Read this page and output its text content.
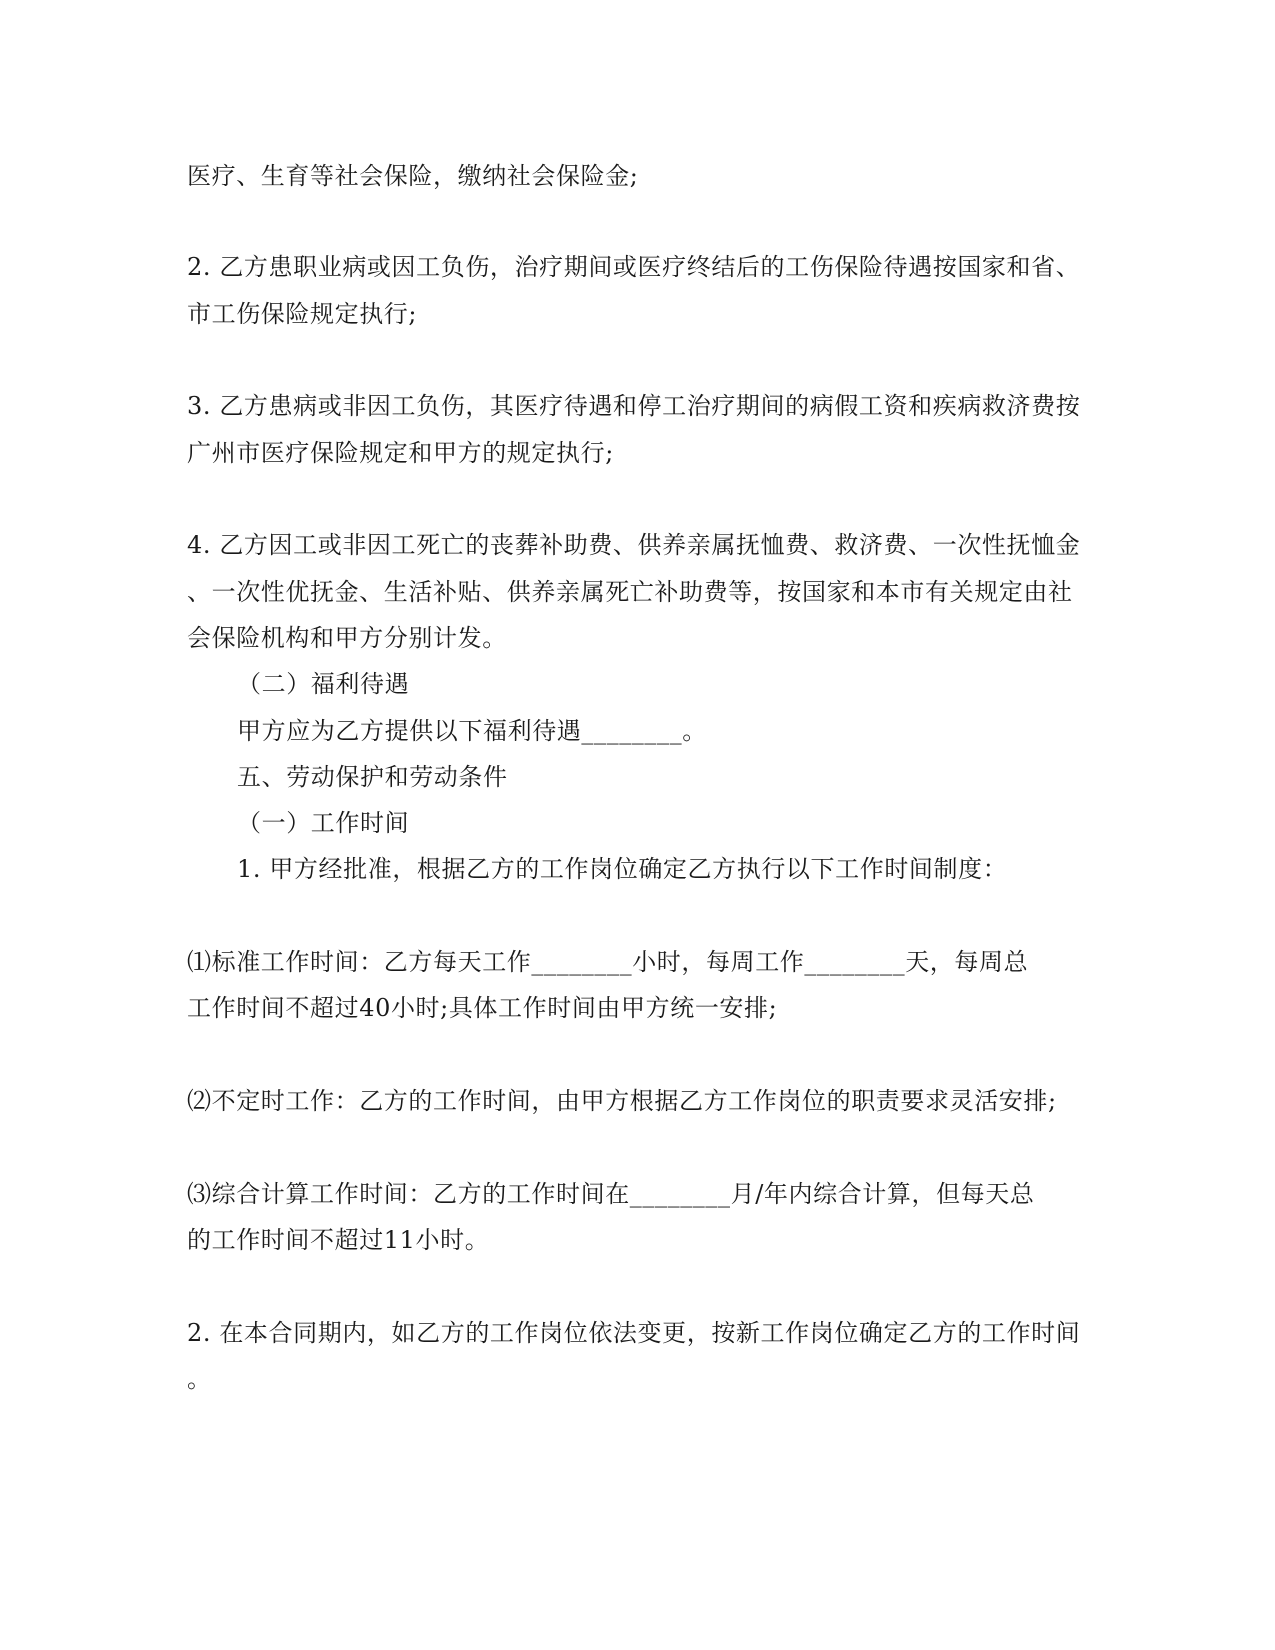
医疗、生育等社会保险，缴纳社会保险金;
2. 乙方患职业病或因工负伤，治疗期间或医疗终结后的工伤保险待遇按国家和省、
市工伤保险规定执行;
3. 乙方患病或非因工负伤，其医疗待遇和停工治疗期间的病假工资和疾病救济费按
广州市医疗保险规定和甲方的规定执行;
4. 乙方因工或非因工死亡的丧葬补助费、供养亲属抚恤费、救济费、一次性抚恤金
、一次性优抚金、生活补贴、供养亲属死亡补助费等，按国家和本市有关规定由社
会保险机构和甲方分别计发。
（二）福利待遇
甲方应为乙方提供以下福利待遇________。
五、劳动保护和劳动条件
（一）工作时间
1. 甲方经批准，根据乙方的工作岗位确定乙方执行以下工作时间制度：
⑴标准工作时间：乙方每天工作________小时，每周工作________天，每周总
工作时间不超过40小时;具体工作时间由甲方统一安排;
⑵不定时工作：乙方的工作时间，由甲方根据乙方工作岗位的职责要求灵活安排;
⑶综合计算工作时间：乙方的工作时间在________月/年内综合计算，但每天总
的工作时间不超过11小时。
2. 在本合同期内，如乙方的工作岗位依法变更，按新工作岗位确定乙方的工作时间
。
